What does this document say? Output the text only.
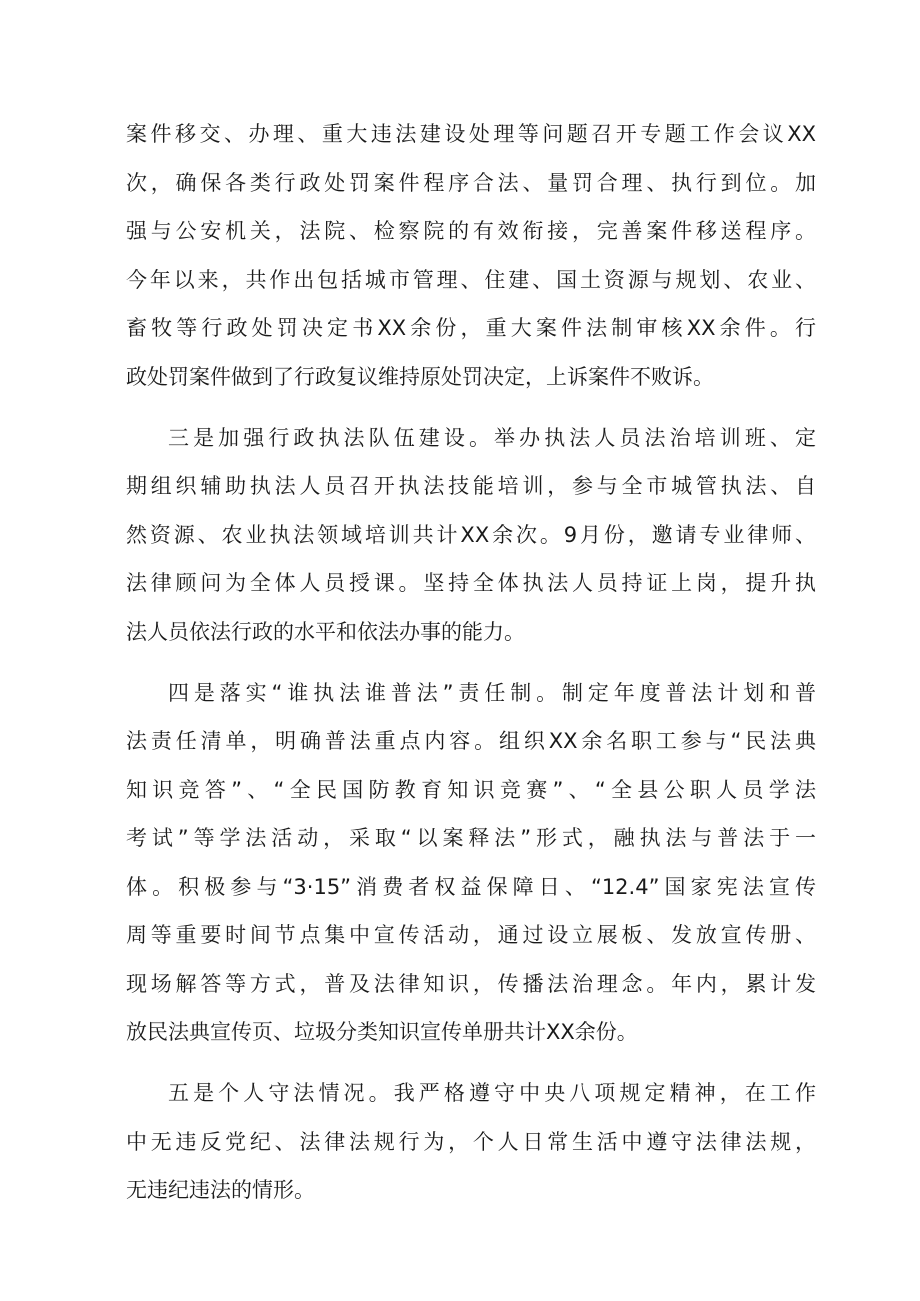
案件移交、办理、重大违法建设处理等问题召开专题工作会议XX
次，确保各类行政处罚案件程序合法、量罚合理、执行到位。加
强与公安机关，法院、检察院的有效衔接，完善案件移送程序。
今年以来，共作出包括城市管理、住建、国土资源与规划、农业、
畜牧等行政处罚决定书XX余份，重大案件法制审核XX余件。行
政处罚案件做到了行政复议维持原处罚决定，上诉案件不败诉。
三是加强行政执法队伍建设。举办执法人员法治培训班、定
期组织辅助执法人员召开执法技能培训，参与全市城管执法、自
然资源、农业执法领域培训共计XX余次。9月份，邀请专业律师、
法律顾问为全体人员授课。坚持全体执法人员持证上岗，提升执
法人员依法行政的水平和依法办事的能力。
四是落实“谁执法谁普法”责任制。制定年度普法计划和普
法责任清单，明确普法重点内容。组织XX余名职工参与“民法典
知识竞答”、“全民国防教育知识竞赛”、“全县公职人员学法
考试”等学法活动，采取“以案释法”形式，融执法与普法于一
体。积极参与“3·15”消费者权益保障日、“12.4”国家宪法宣传
周等重要时间节点集中宣传活动，通过设立展板、发放宣传册、
现场解答等方式，普及法律知识，传播法治理念。年内，累计发
放民法典宣传页、垃圾分类知识宣传单册共计XX余份。
五是个人守法情况。我严格遵守中央八项规定精神，在工作
中无违反党纪、法律法规行为，个人日常生活中遵守法律法规，
无违纪违法的情形。
